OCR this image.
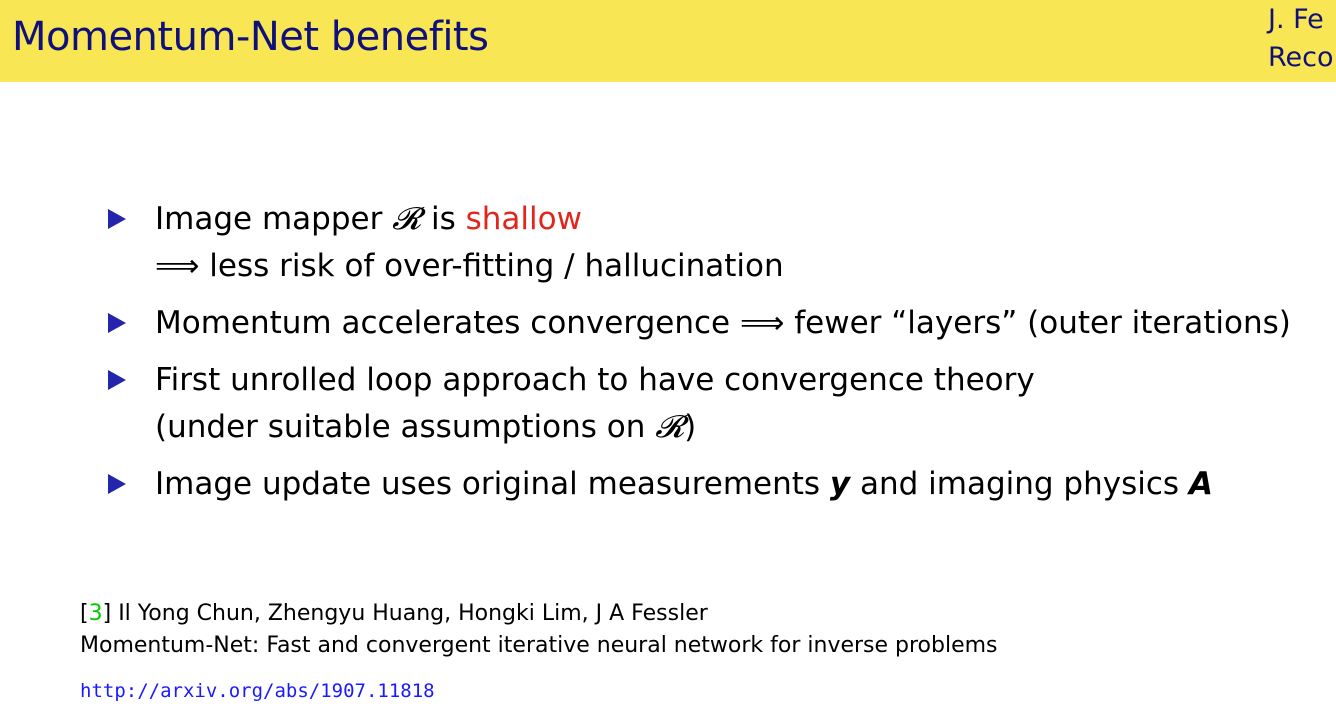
Momentum-Net benefits	J. Fe
Reco
Image mapper 𝓡 is shallow
⟹ less risk of over-fitting / hallucination
Momentum accelerates convergence ⟹ fewer “layers” (outer iterations)
First unrolled loop approach to have convergence theory
(under suitable assumptions on 𝓡)
Image update uses original measurements y and imaging physics A
[3] Il Yong Chun, Zhengyu Huang, Hongki Lim, J A Fessler
Momentum-Net: Fast and convergent iterative neural network for inverse problems
http://arxiv.org/abs/1907.11818
